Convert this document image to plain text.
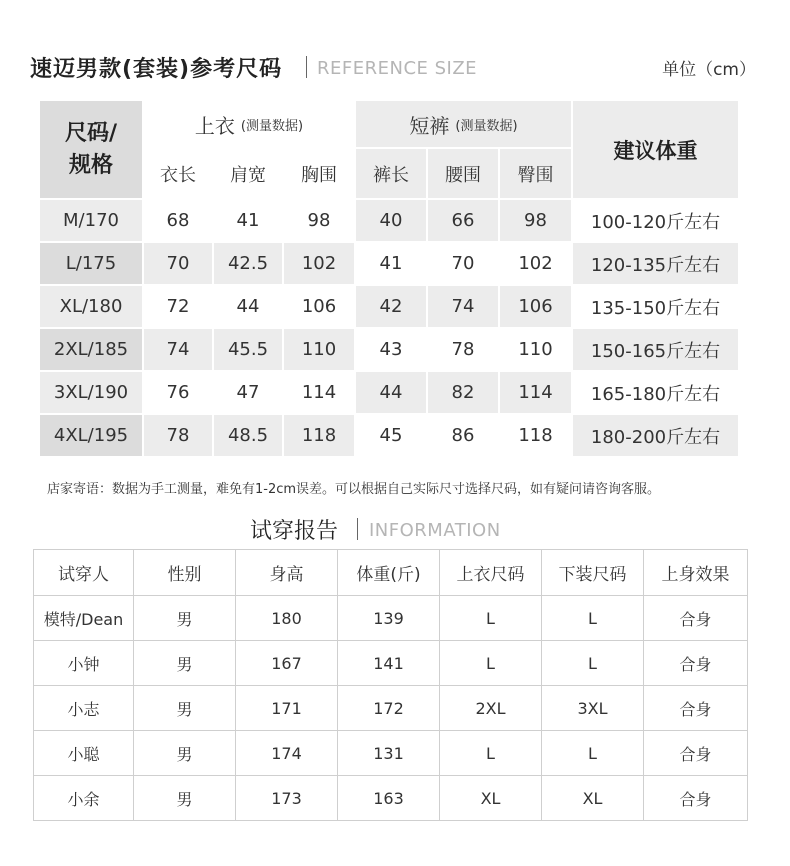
速迈男款(套装)参考尺码 REFERENCE SIZE	单位（cm）
尺码/
规格
上衣 (测量数据)	短裤 (测量数据)
建议体重
衣长	肩宽	胸围	裤长	腰围	臀围
M/170	68	41	98	40	66	98	100-120斤左右
L/175	70	42.5	102	41	70	102	120-135斤左右
XL/180	72	44	106	42	74	106	135-150斤左右
2XL/185	74	45.5	110	43	78	110	150-165斤左右
3XL/190	76	47	114	44	82	114	165-180斤左右
4XL/195	78	48.5	118	45	86	118	180-200斤左右
店家寄语：数据为手工测量，难免有1-2cm误差。可以根据自己实际尺寸选择尺码，如有疑问请咨询客服。
试穿报告 INFORMATION
试穿人	性别	身高	体重(斤)	上衣尺码	下装尺码	上身效果
模特/Dean	男	180	139	L	L	合身
小钟	男	167	141	L	L	合身
小志	男	171	172	2XL	3XL	合身
小聪	男	174	131	L	L	合身
小余	男	173	163	XL	XL	合身
